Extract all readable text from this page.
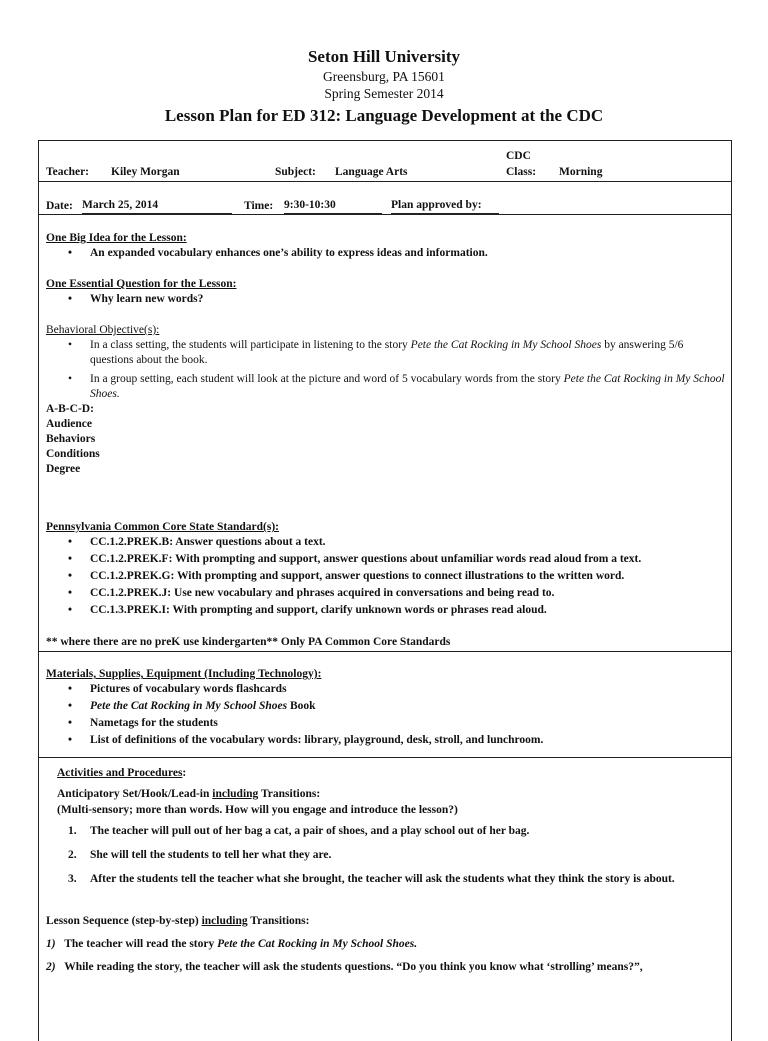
Seton Hill University
Greensburg, PA 15601
Spring Semester 2014
Lesson Plan for ED 312: Language Development at the CDC
Teacher: Kiley Morgan	Subject: Language Arts
CDC
Class: Morning
Date: March 25, 2014	Time: 9:30-10:30	Plan approved by:
One Big Idea for the Lesson:
• An expanded vocabulary enhances one’s ability to express ideas and information.
One Essential Question for the Lesson:
• Why learn new words?
Behavioral Objective(s):
• In a class setting, the students will participate in listening to the story Pete the Cat Rocking in My School Shoes by answering 5/6 questions about the book.
• In a group setting, each student will look at the picture and word of 5 vocabulary words from the story Pete the Cat Rocking in My School Shoes.
A-B-C-D:
Audience
Behaviors
Conditions
Degree
Pennsylvania Common Core State Standard(s):
• CC.1.2.PREK.B: Answer questions about a text.
• CC.1.2.PREK.F: With prompting and support, answer questions about unfamiliar words read aloud from a text.
• CC.1.2.PREK.G: With prompting and support, answer questions to connect illustrations to the written word.
• CC.1.2.PREK.J: Use new vocabulary and phrases acquired in conversations and being read to.
• CC.1.3.PREK.I: With prompting and support, clarify unknown words or phrases read aloud.
** where there are no preK use kindergarten** Only PA Common Core Standards
Materials, Supplies, Equipment (Including Technology):
• Pictures of vocabulary words flashcards
• Pete the Cat Rocking in My School Shoes Book
• Nametags for the students
• List of definitions of the vocabulary words: library, playground, desk, stroll, and lunchroom.
Activities and Procedures:
Anticipatory Set/Hook/Lead-in including Transitions:
(Multi-sensory; more than words. How will you engage and introduce the lesson?)
1. The teacher will pull out of her bag a cat, a pair of shoes, and a play school out of her bag.
2. She will tell the students to tell her what they are.
3. After the students tell the teacher what she brought, the teacher will ask the students what they think the story is about.
Lesson Sequence (step-by-step) including Transitions:
1) The teacher will read the story Pete the Cat Rocking in My School Shoes.
2) While reading the story, the teacher will ask the students questions. “Do you think you know what ‘strolling’ means?”,
